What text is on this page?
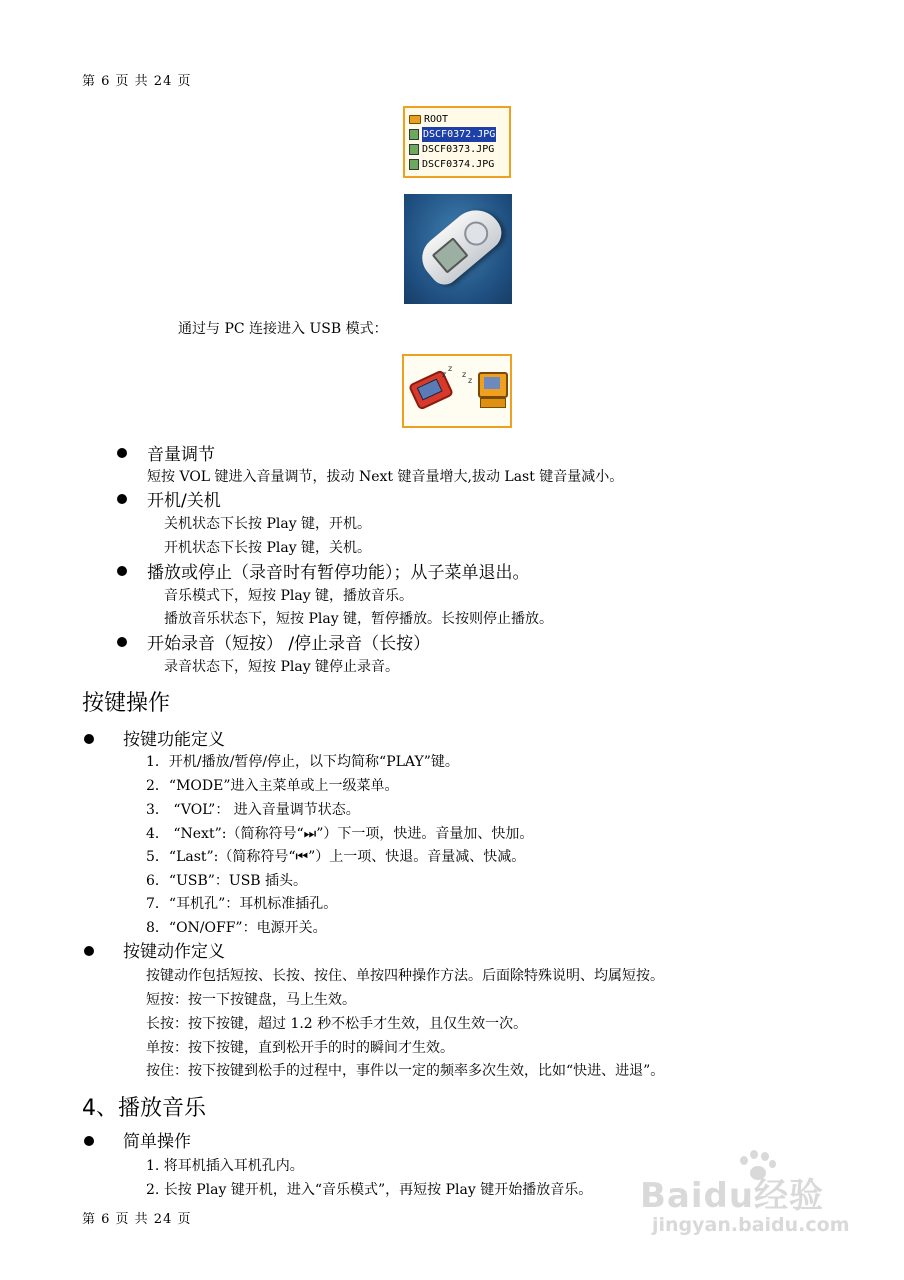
第 6 页 共 24 页
ROOT
DSCF0372.JPG
DSCF0373.JPG
DSCF0374.JPG
通过与 PC 连接进入 USB 模式：
z
z
z
z
音量调节
短按 VOL 键进入音量调节，拔动 Next 键音量增大,拔动 Last 键音量减小。
开机/关机
关机状态下长按 Play 键，开机。
开机状态下长按 Play 键，关机。
播放或停止（录音时有暂停功能）；从子菜单退出。
音乐模式下，短按 Play 键，播放音乐。
播放音乐状态下，短按 Play 键，暂停播放。长按则停止播放。
开始录音（短按） /停止录音（长按）
录音状态下，短按 Play 键停止录音。
按键操作
按键功能定义
1．开机/播放/暂停/停止，以下均简称“PLAY”键。
2．“MODE”进入主菜单或上一级菜单。
3． “VOL”： 进入音量调节状态。
4． “Next”:（简称符号“⏭”）下一项，快进。音量加、快加。
5．“Last”:（简称符号“⏮”）上一项、快退。音量减、快减。
6．“USB”：USB 插头。
7．“耳机孔”：耳机标准插孔。
8．“ON/OFF”：电源开关。
按键动作定义
按键动作包括短按、长按、按住、单按四种操作方法。后面除特殊说明、均属短按。
短按：按一下按键盘，马上生效。
长按：按下按键，超过 1.2 秒不松手才生效，且仅生效一次。
单按：按下按键，直到松开手的时的瞬间才生效。
按住：按下按键到松手的过程中，事件以一定的频率多次生效，比如“快进、进退”。
4、播放音乐
简单操作
1. 将耳机插入耳机孔内。
2. 长按 Play 键开机，进入“音乐模式”，再短按 Play 键开始播放音乐。
第 6 页 共 24 页
Baidu经验
jingyan.baidu.com
